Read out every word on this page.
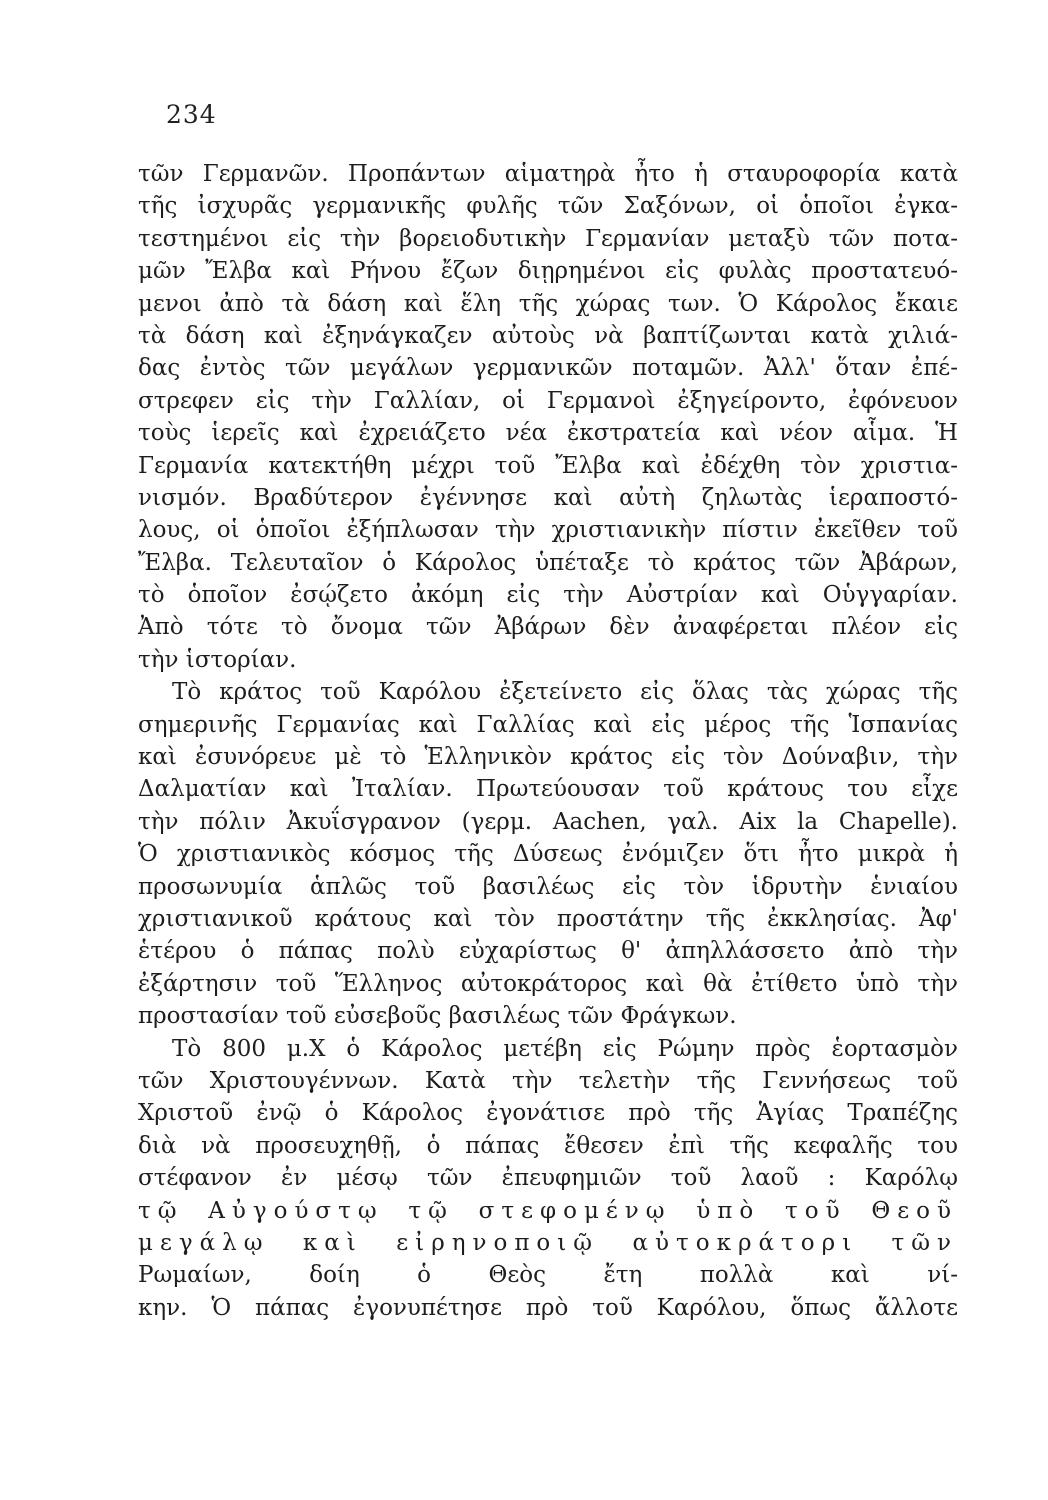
234
τῶν Γερμανῶν. Προπάντων αἱματηρὰ ἦτο ἡ σταυροφορία κατὰ
τῆς ἰσχυρᾶς γερμανικῆς φυλῆς τῶν Σαξόνων, οἱ ὁποῖοι ἐγκα-
τεστημένοι εἰς τὴν βορειοδυτικὴν Γερμανίαν μεταξὺ τῶν ποτα-
μῶν Ἔλβα καὶ Ρήνου ἔζων διῃρημένοι εἰς φυλὰς προστατευό-
μενοι ἀπὸ τὰ δάση καὶ ἕλη τῆς χώρας των. Ὁ Κάρολος ἔκαιε
τὰ δάση καὶ ἐξηνάγκαζεν αὐτοὺς νὰ βαπτίζωνται κατὰ χιλιά-
δας ἐντὸς τῶν μεγάλων γερμανικῶν ποταμῶν. Ἀλλ' ὅταν ἐπέ-
στρεφεν εἰς τὴν Γαλλίαν, οἱ Γερμανοὶ ἐξηγείροντο, ἐφόνευον
τοὺς ἱερεῖς καὶ ἐχρειάζετο νέα ἐκστρατεία καὶ νέον αἷμα. Ἡ
Γερμανία κατεκτήθη μέχρι τοῦ Ἔλβα καὶ ἐδέχθη τὸν χριστια-
νισμόν. Βραδύτερον ἐγέννησε καὶ αὐτὴ ζηλωτὰς ἱεραποστό-
λους, οἱ ὁποῖοι ἐξήπλωσαν τὴν χριστιανικὴν πίστιν ἐκεῖθεν τοῦ
Ἔλβα. Τελευταῖον ὁ Κάρολος ὑπέταξε τὸ κράτος τῶν Ἀβάρων,
τὸ ὁποῖον ἐσῴζετο ἀκόμη εἰς τὴν Αὐστρίαν καὶ Οὑγγαρίαν.
Ἀπὸ τότε τὸ ὄνομα τῶν Ἀβάρων δὲν ἀναφέρεται πλέον εἰς
τὴν ἱστορίαν.
Τὸ κράτος τοῦ Καρόλου ἐξετείνετο εἰς ὅλας τὰς χώρας τῆς
σημερινῆς Γερμανίας καὶ Γαλλίας καὶ εἰς μέρος τῆς Ἱσπανίας
καὶ ἐσυνόρευε μὲ τὸ Ἑλληνικὸν κράτος εἰς τὸν Δούναβιν, τὴν
Δαλματίαν καὶ Ἰταλίαν. Πρωτεύουσαν τοῦ κράτους του εἶχε
τὴν πόλιν Ἀκυΐσγρανον (γερμ. Aachen, γαλ. Aix la Chapelle).
Ὁ χριστιανικὸς κόσμος τῆς Δύσεως ἐνόμιζεν ὅτι ἦτο μικρὰ ἡ
προσωνυμία ἁπλῶς τοῦ βασιλέως εἰς τὸν ἱδρυτὴν ἑνιαίου
χριστιανικοῦ κράτους καὶ τὸν προστάτην τῆς ἐκκλησίας. Ἀφ'
ἑτέρου ὁ πάπας πολὺ εὐχαρίστως θ' ἀπηλλάσσετο ἀπὸ τὴν
ἐξάρτησιν τοῦ Ἕλληνος αὐτοκράτορος καὶ θὰ ἐτίθετο ὑπὸ τὴν
προστασίαν τοῦ εὐσεβοῦς βασιλέως τῶν Φράγκων.
Τὸ 800 μ.Χ ὁ Κάρολος μετέβη εἰς Ρώμην πρὸς ἑορτασμὸν
τῶν Χριστουγέννων. Κατὰ τὴν τελετὴν τῆς Γεννήσεως τοῦ
Χριστοῦ ἐνῷ ὁ Κάρολος ἐγονάτισε πρὸ τῆς Ἁγίας Τραπέζης
διὰ νὰ προσευχηθῇ, ὁ πάπας ἔθεσεν ἐπὶ τῆς κεφαλῆς του
στέφανον ἐν μέσῳ τῶν ἐπευφημιῶν τοῦ λαοῦ : Καρόλῳ
τῷ Αὐγούστῳ τῷ στεφομένῳ ὑπὸ τοῦ Θεοῦ
μεγάλῳ καὶ εἰρηνοποιῷ αὐτοκράτορι τῶν
Ρωμαίων, δοίη ὁ Θεὸς ἔτη πολλὰ καὶ νί-
κην. Ὁ πάπας ἐγονυπέτησε πρὸ τοῦ Καρόλου, ὅπως ἄλλοτε
